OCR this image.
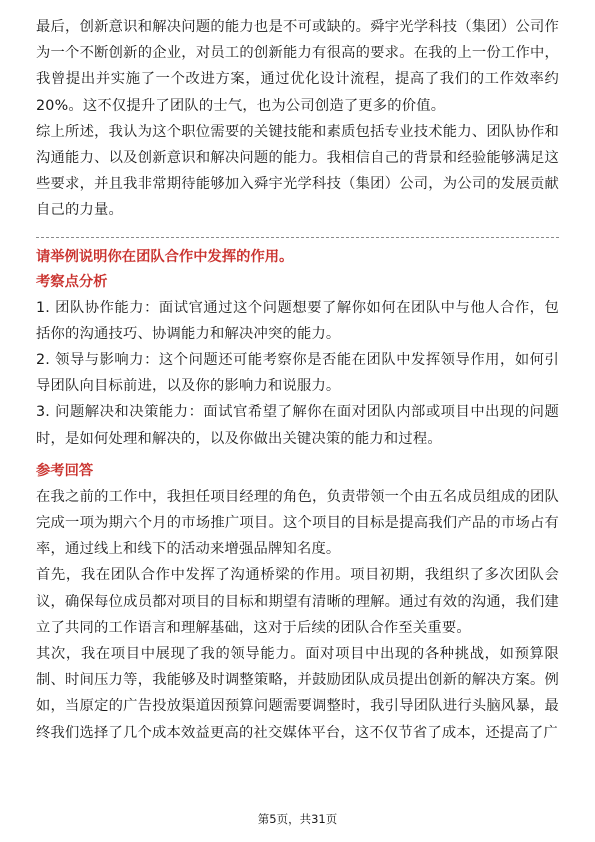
最后，创新意识和解决问题的能力也是不可或缺的。舜宇光学科技（集团）公司作为一个不断创新的企业，对员工的创新能力有很高的要求。在我的上一份工作中，我曾提出并实施了一个改进方案，通过优化设计流程，提高了我们的工作效率约20%。这不仅提升了团队的士气，也为公司创造了更多的价值。

综上所述，我认为这个职位需要的关键技能和素质包括专业技术能力、团队协作和沟通能力、以及创新意识和解决问题的能力。我相信自己的背景和经验能够满足这些要求，并且我非常期待能够加入舜宇光学科技（集团）公司，为公司的发展贡献自己的力量。

请举例说明你在团队合作中发挥的作用。
考察点分析

1. 团队协作能力：面试官通过这个问题想要了解你如何在团队中与他人合作，包括你的沟通技巧、协调能力和解决冲突的能力。

2. 领导与影响力：这个问题还可能考察你是否能在团队中发挥领导作用，如何引导团队向目标前进，以及你的影响力和说服力。

3. 问题解决和决策能力：面试官希望了解你在面对团队内部或项目中出现的问题时，是如何处理和解决的，以及你做出关键决策的能力和过程。

参考回答

在我之前的工作中，我担任项目经理的角色，负责带领一个由五名成员组成的团队完成一项为期六个月的市场推广项目。这个项目的目标是提高我们产品的市场占有率，通过线上和线下的活动来增强品牌知名度。

首先，我在团队合作中发挥了沟通桥梁的作用。项目初期，我组织了多次团队会议，确保每位成员都对项目的目标和期望有清晰的理解。通过有效的沟通，我们建立了共同的工作语言和理解基础，这对于后续的团队合作至关重要。

其次，我在项目中展现了我的领导能力。面对项目中出现的各种挑战，如预算限制、时间压力等，我能够及时调整策略，并鼓励团队成员提出创新的解决方案。例如，当原定的广告投放渠道因预算问题需要调整时，我引导团队进行头脑风暴，最终我们选择了几个成本效益更高的社交媒体平台，这不仅节省了成本，还提高了广

第5页，共31页
